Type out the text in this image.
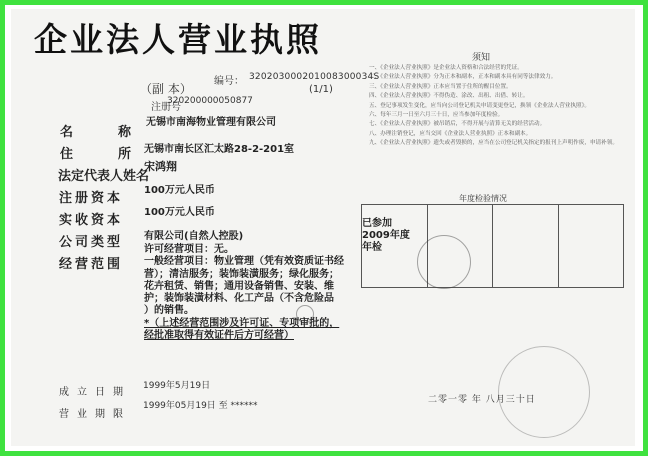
企业法人营业执照
（副 本）
编号： 320203000201008300034S
(1/1)
注册号
320200000050877
名	称
无锡市南海物业管理有限公司
住	所 无锡市南长区汇太路28-2-201室
法定代表人姓名
宋鸿翔
注册资本
100万元人民币
实收资本
100万元人民币
公司类型 有限公司(自然人控股)
经营范围

许可经营项目：无。

一般经营项目：物业管理（凭有效资质证书经

营）；清洁服务；装饰装潢服务；绿化服务；

花卉租赁、销售；通用设备销售、安装、维

护；装饰装潢材料、化工产品（不含危险品

）的销售。

*（上述经营范围涉及许可证、专项审批的，

经批准取得有效证件后方可经营）

成立日期
1999年5月19日
营业期限
1999年05月19日 至 ******
须知

一、《企业法人营业执照》是企业法人资格和合法经营的凭证。

二、《企业法人营业执照》分为正本和副本，正本和副本具有同等法律效力。

三、《企业法人营业执照》正本应当置于住所的醒目位置。

四、《企业法人营业执照》不得伪造、涂改、出租、出借、转让。

五、登记事项发生变化，应当向公司登记机关申请变更登记，换领《企业法人营业执照》。

六、每年三月一日至六月三十日，应当参加年度检验。

七、《企业法人营业执照》被吊销后，不得开展与清算无关的经营活动。

八、办理注销登记，应当交回《企业法人营业执照》正本和副本。

九、《企业法人营业执照》遗失或者毁损的，应当在公司登记机关指定的报刊上声明作废，申请补领。

年度检验情况
已参加
2009年度
年检
二零一零 年 八月三十日
